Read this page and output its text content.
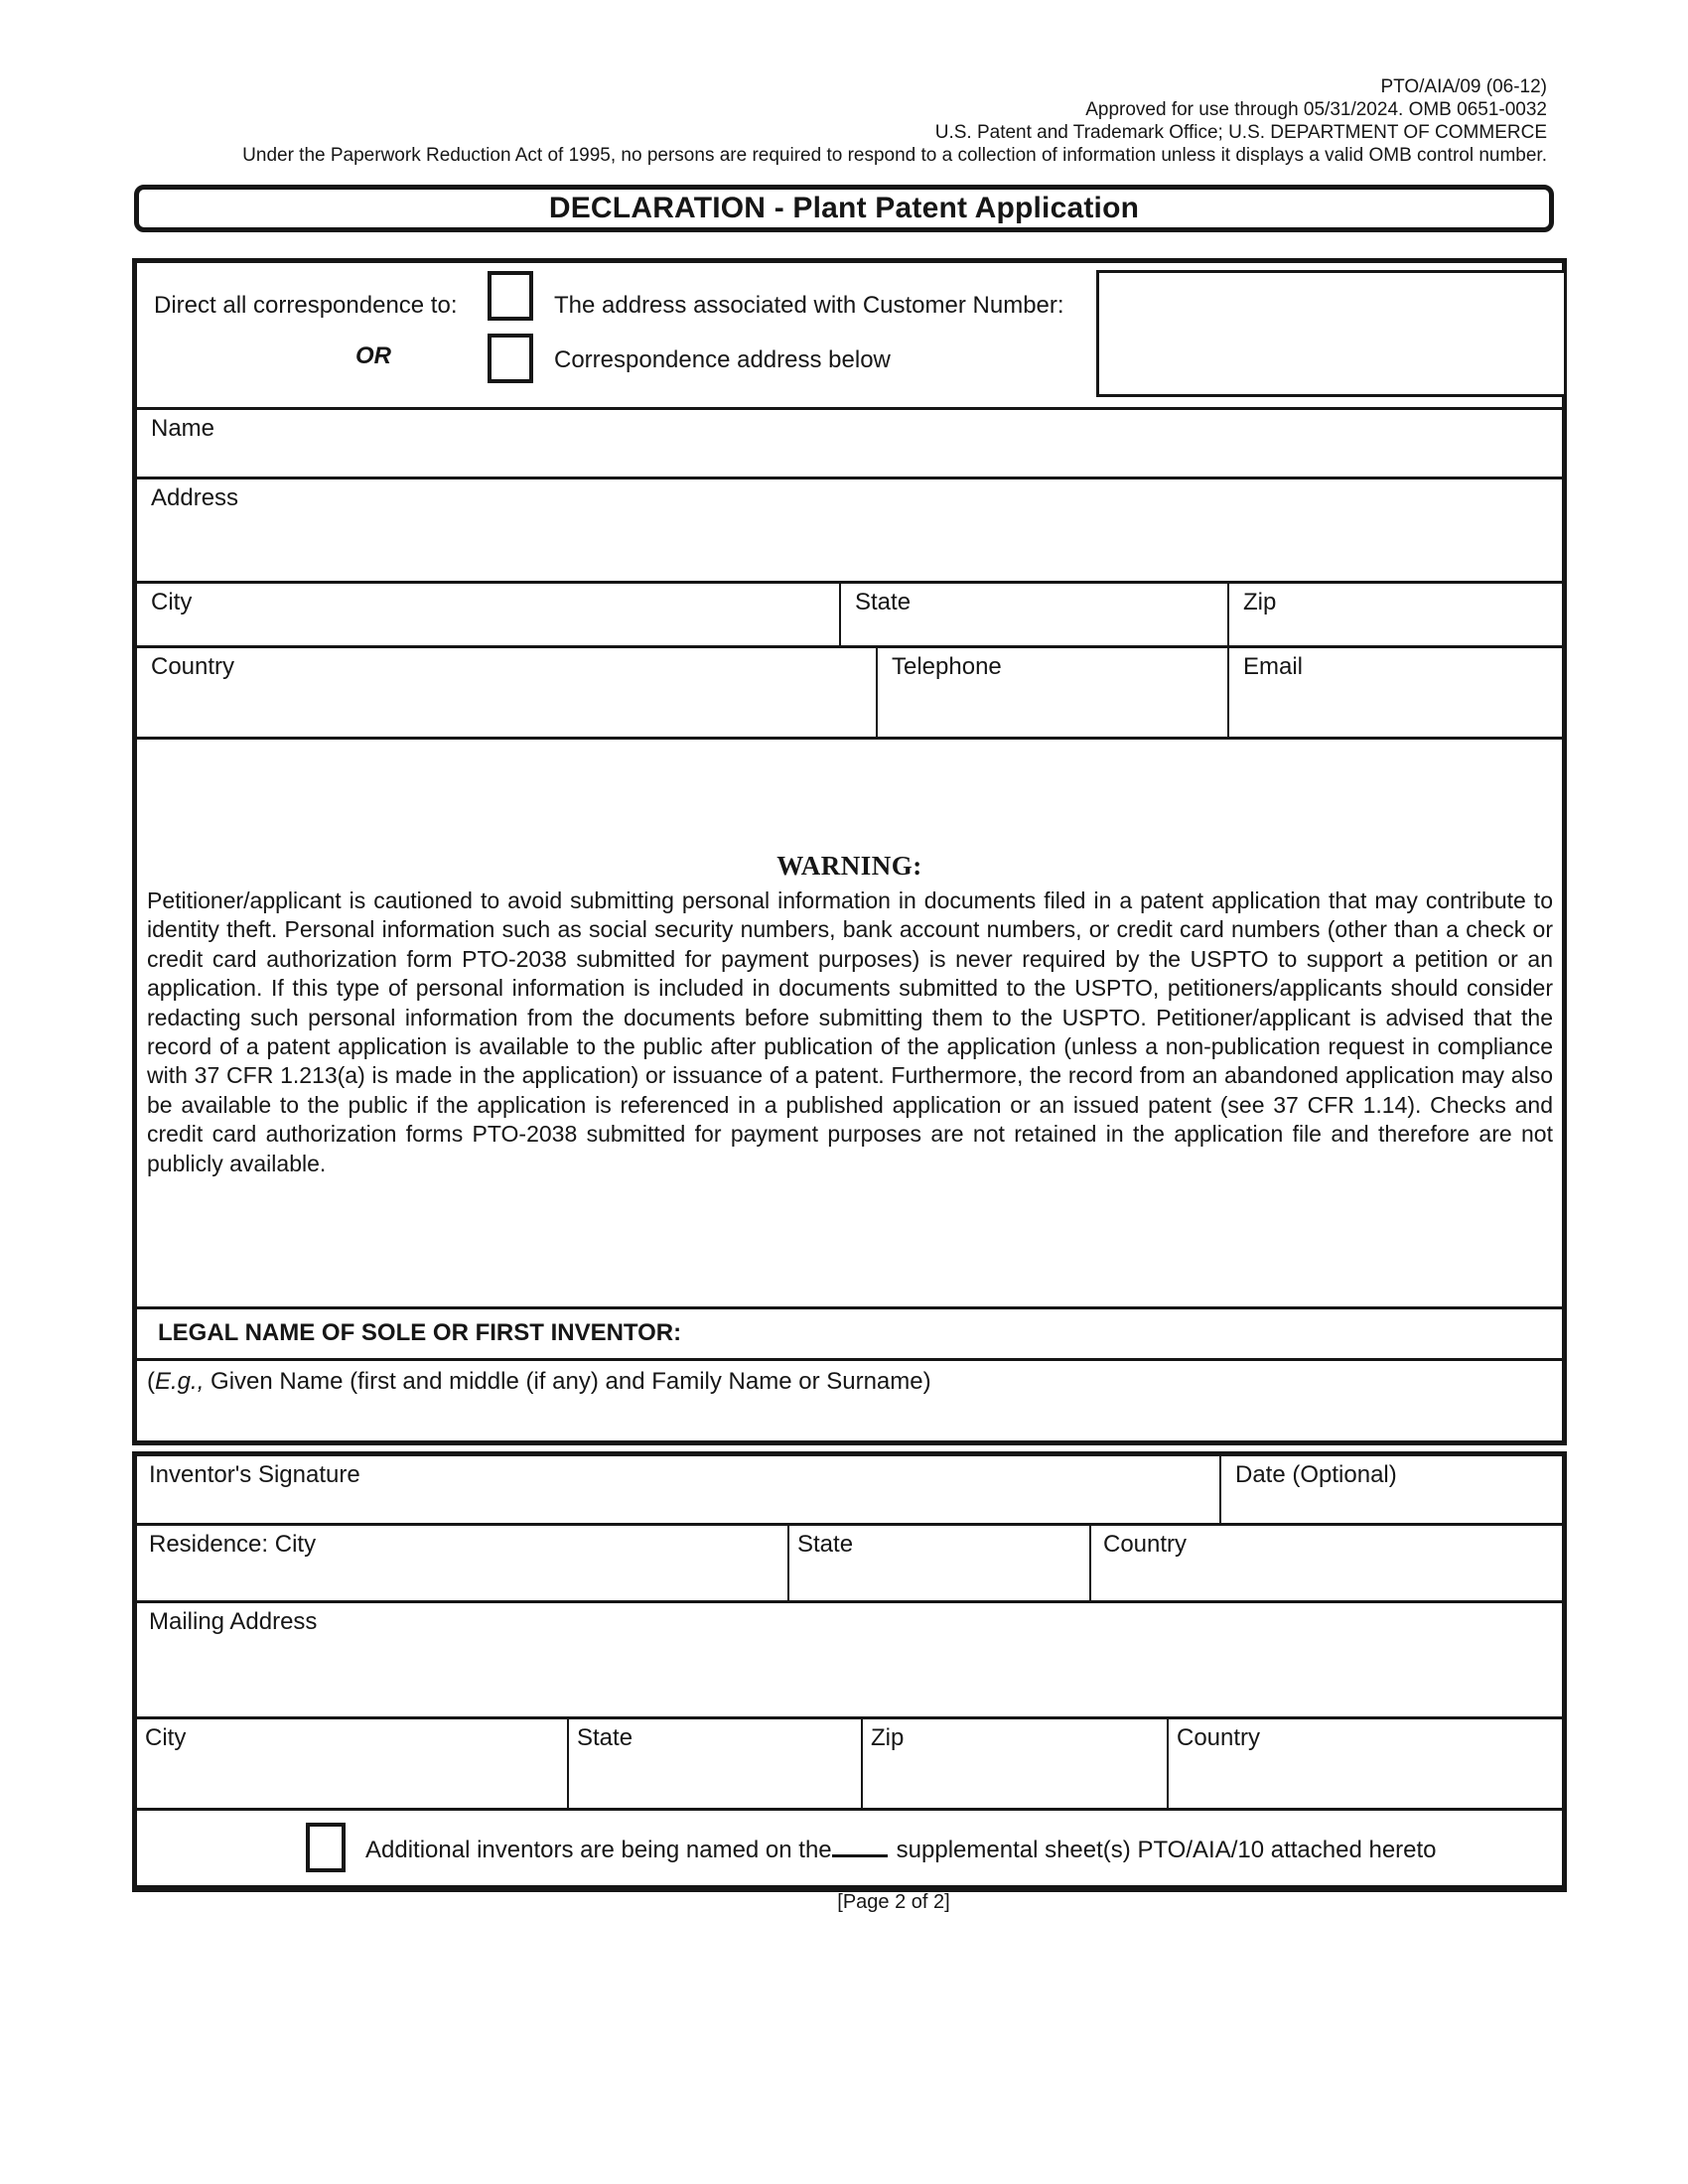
PTO/AIA/09 (06-12)
Approved for use through 05/31/2024. OMB 0651-0032
U.S. Patent and Trademark Office; U.S. DEPARTMENT OF COMMERCE
Under the Paperwork Reduction Act of 1995, no persons are required to respond to a collection of information unless it displays a valid OMB control number.
DECLARATION - Plant Patent Application
Direct all correspondence to:	The address associated with Customer Number:
OR	Correspondence address below
Name
Address
City	State	Zip
Country	Telephone	Email
WARNING:
Petitioner/applicant is cautioned to avoid submitting personal information in documents filed in a patent application that may contribute to identity theft. Personal information such as social security numbers, bank account numbers, or credit card numbers (other than a check or credit card authorization form PTO-2038 submitted for payment purposes) is never required by the USPTO to support a petition or an application. If this type of personal information is included in documents submitted to the USPTO, petitioners/applicants should consider redacting such personal information from the documents before submitting them to the USPTO. Petitioner/applicant is advised that the record of a patent application is available to the public after publication of the application (unless a non-publication request in compliance with 37 CFR 1.213(a) is made in the application) or issuance of a patent. Furthermore, the record from an abandoned application may also be available to the public if the application is referenced in a published application or an issued patent (see 37 CFR 1.14). Checks and credit card authorization forms PTO-2038 submitted for payment purposes are not retained in the application file and therefore are not publicly available.
LEGAL NAME OF SOLE OR FIRST INVENTOR:
(E.g., Given Name (first and middle (if any) and Family Name or Surname)
Inventor's Signature	Date (Optional)
Residence: City	State	Country
Mailing Address
City	State	Zip	Country
Additional inventors are being named on the	supplemental sheet(s) PTO/AIA/10 attached hereto
[Page 2 of 2]
